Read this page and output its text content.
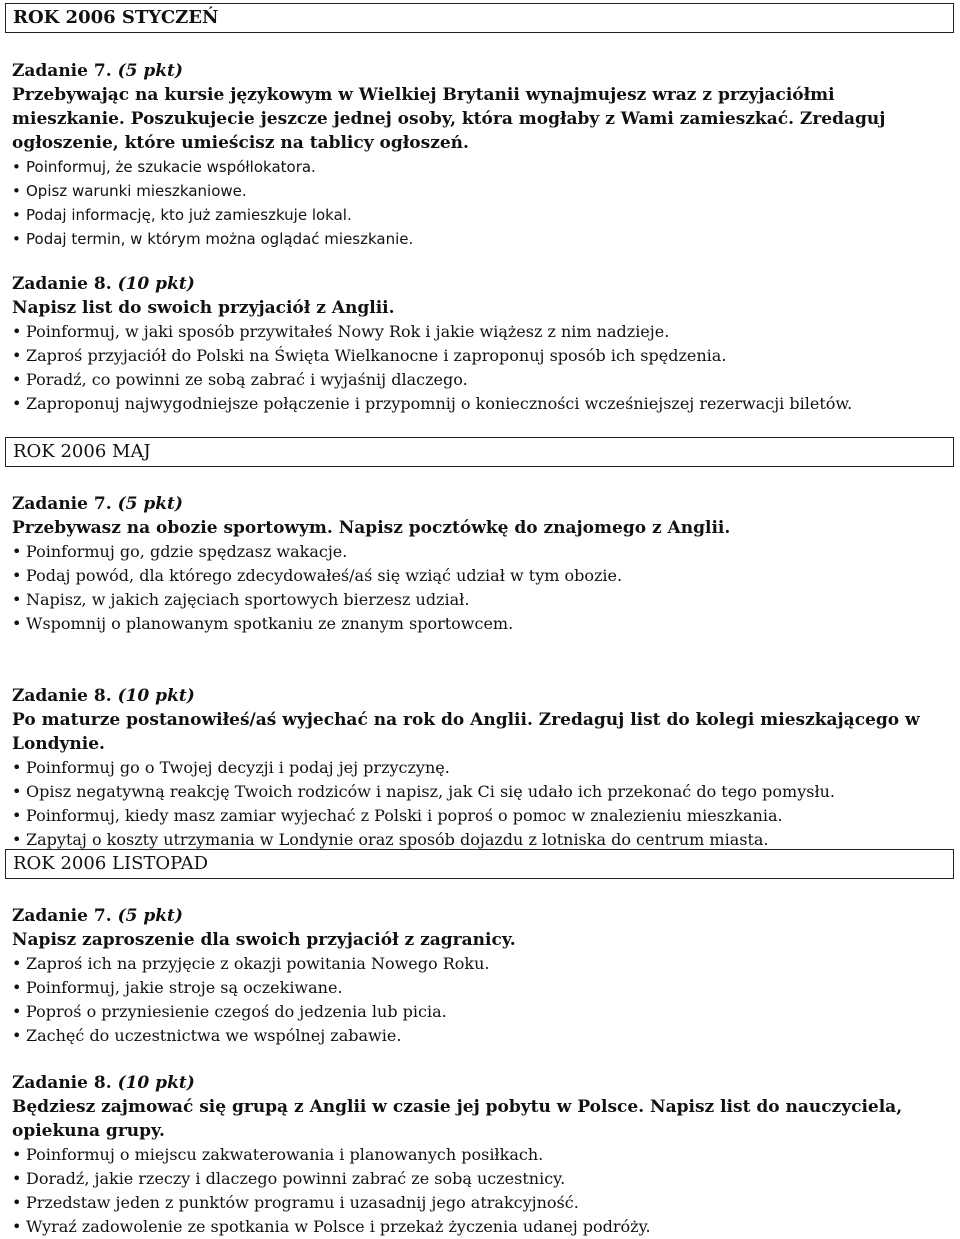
ROK 2006 STYCZEŃ
Zadanie 7. (5 pkt)

Przebywając na kursie językowym w Wielkiej Brytanii wynajmujesz wraz z przyjaciółmi mieszkanie. Poszukujecie jeszcze jednej osoby, która mogłaby z Wami zamieszkać. Zredaguj ogłoszenie, które umieścisz na tablicy ogłoszeń.

• Poinformuj, że szukacie współlokatora.
• Opisz warunki mieszkaniowe.
• Podaj informację, kto już zamieszkuje lokal.
• Podaj termin, w którym można oglądać mieszkanie.
Zadanie 8. (10 pkt)

Napisz list do swoich przyjaciół z Anglii.

• Poinformuj, w jaki sposób przywitałeś Nowy Rok i jakie wiążesz z nim nadzieje.
• Zaproś przyjaciół do Polski na Święta Wielkanocne i zaproponuj sposób ich spędzenia.
• Poradź, co powinni ze sobą zabrać i wyjaśnij dlaczego.
• Zaproponuj najwygodniejsze połączenie i przypomnij o konieczności wcześniejszej rezerwacji biletów.
ROK 2006 MAJ
Zadanie 7. (5 pkt)

Przebywasz na obozie sportowym. Napisz pocztówkę do znajomego z Anglii.

• Poinformuj go, gdzie spędzasz wakacje.
• Podaj powód, dla którego zdecydowałeś/aś się wziąć udział w tym obozie.
• Napisz, w jakich zajęciach sportowych bierzesz udział.
• Wspomnij o planowanym spotkaniu ze znanym sportowcem.
Zadanie 8. (10 pkt)

Po maturze postanowiłeś/aś wyjechać na rok do Anglii. Zredaguj list do kolegi mieszkającego w Londynie.

• Poinformuj go o Twojej decyzji i podaj jej przyczynę.
• Opisz negatywną reakcję Twoich rodziców i napisz, jak Ci się udało ich przekonać do tego pomysłu.
• Poinformuj, kiedy masz zamiar wyjechać z Polski i poproś o pomoc w znalezieniu mieszkania.
• Zapytaj o koszty utrzymania w Londynie oraz sposób dojazdu z lotniska do centrum miasta.
ROK 2006 LISTOPAD
Zadanie 7. (5 pkt)

Napisz zaproszenie dla swoich przyjaciół z zagranicy.

• Zaproś ich na przyjęcie z okazji powitania Nowego Roku.
• Poinformuj, jakie stroje są oczekiwane.
• Poproś o przyniesienie czegoś do jedzenia lub picia.
• Zachęć do uczestnictwa we wspólnej zabawie.
Zadanie 8. (10 pkt)

Będziesz zajmować się grupą z Anglii w czasie jej pobytu w Polsce. Napisz list do nauczyciela, opiekuna grupy.

• Poinformuj o miejscu zakwaterowania i planowanych posiłkach.
• Doradź, jakie rzeczy i dlaczego powinni zabrać ze sobą uczestnicy.
• Przedstaw jeden z punktów programu i uzasadnij jego atrakcyjność.
• Wyraź zadowolenie ze spotkania w Polsce i przekaż życzenia udanej podróży.
